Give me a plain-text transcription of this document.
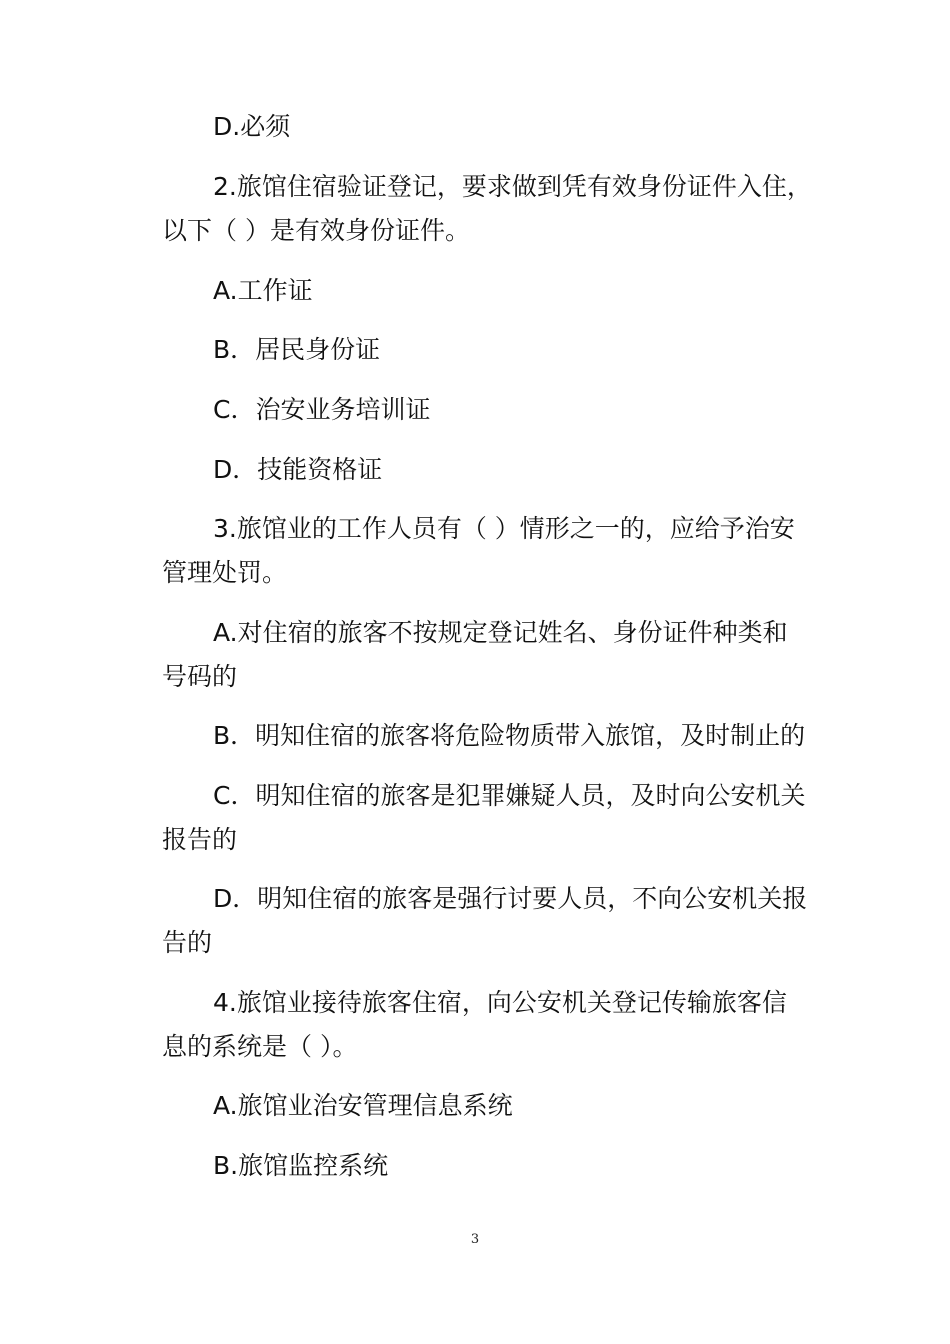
D.必须
2.旅馆住宿验证登记，要求做到凭有效身份证件入住，
以下（ ）是有效身份证件。
A.工作证
B．居民身份证
C．治安业务培训证
D．技能资格证
3.旅馆业的工作人员有（ ）情形之一的，应给予治安
管理处罚。
A.对住宿的旅客不按规定登记姓名、身份证件种类和
号码的
B．明知住宿的旅客将危险物质带入旅馆，及时制止的
C．明知住宿的旅客是犯罪嫌疑人员，及时向公安机关
报告的
D．明知住宿的旅客是强行讨要人员，不向公安机关报
告的
4.旅馆业接待旅客住宿，向公安机关登记传输旅客信
息的系统是（ ）。
A.旅馆业治安管理信息系统
B.旅馆监控系统
3
